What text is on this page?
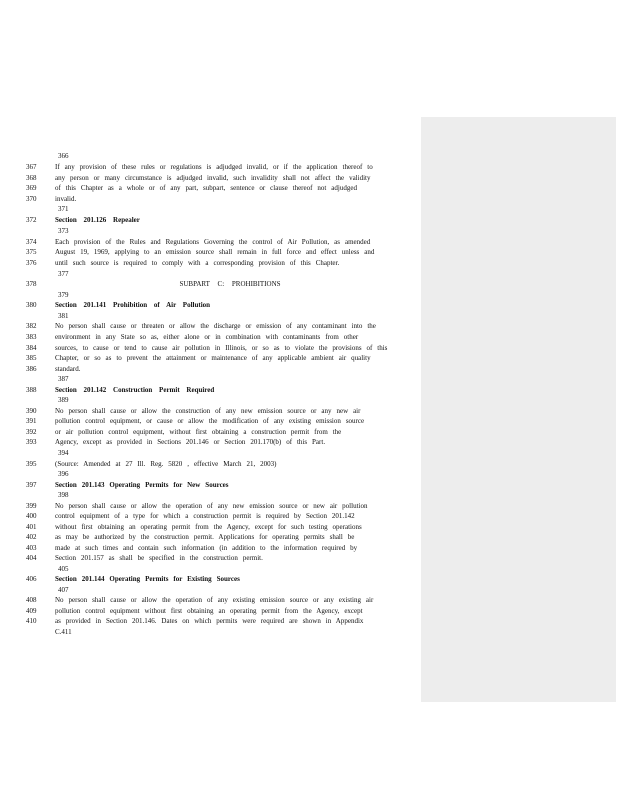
366
367	If any provision of these rules or regulations is adjudged invalid, or if the application thereof to
368	any person or many circumstance is adjudged invalid, such invalidity shall not affect the validity
369	of this Chapter as a whole or of any part, subpart, sentence or clause thereof not adjudged
370	invalid.
371
372	Section 201.126 Repealer
373
374	Each provision of the Rules and Regulations Governing the control of Air Pollution, as amended
375	August 19, 1969, applying to an emission source shall remain in full force and effect unless and
376	until such source is required to comply with a corresponding provision of this Chapter.
377
378	SUBPART C: PROHIBITIONS
379
380	Section 201.141 Prohibition of Air Pollution
381
382	No person shall cause or threaten or allow the discharge or emission of any contaminant into the
383	environment in any State so as, either alone or in combination with contaminants from other
384	sources, to cause or tend to cause air pollution in Illinois, or so as to violate the provisions of this
385	Chapter, or so as to prevent the attainment or maintenance of any applicable ambient air quality
386	standard.
387
388	Section 201.142 Construction Permit Required
389
390	No person shall cause or allow the construction of any new emission source or any new air
391	pollution control equipment, or cause or allow the modification of any existing emission source
392	or air pollution control equipment, without first obtaining a construction permit from the
393	Agency, except as provided in Sections 201.146 or Section 201.170(b) of this Part.
394
395	(Source: Amended at 27 Ill. Reg. 5820 , effective March 21, 2003)
396
397	Section 201.143 Operating Permits for New Sources
398
399	No person shall cause or allow the operation of any new emission source or new air pollution
400	control equipment of a type for which a construction permit is required by Section 201.142
401	without first obtaining an operating permit from the Agency, except for such testing operations
402	as may be authorized by the construction permit. Applications for operating permits shall be
403	made at such times and contain such information (in addition to the information required by
404	Section 201.157 as shall be specified in the construction permit.
405
406	Section 201.144 Operating Permits for Existing Sources
407
408	No person shall cause or allow the operation of any existing emission source or any existing air
409	pollution control equipment without first obtaining an operating permit from the Agency, except
410	as provided in Section 201.146. Dates on which permits were required are shown in Appendix
C.411
